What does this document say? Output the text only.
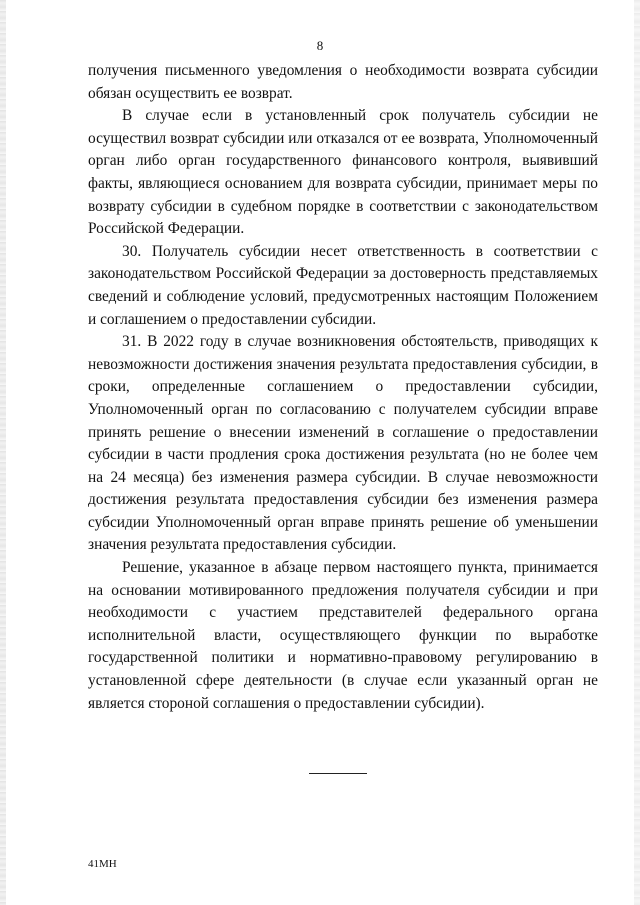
8

получения письменного уведомления о необходимости возврата субсидии обязан осуществить ее возврат.

В случае если в установленный срок получатель субсидии не осуществил возврат субсидии или отказался от ее возврата, Уполномоченный орган либо орган государственного финансового контроля, выявивший факты, являющиеся основанием для возврата субсидии, принимает меры по возврату субсидии в судебном порядке в соответствии с законодательством Российской Федерации.

30. Получатель субсидии несет ответственность в соответствии с законодательством Российской Федерации за достоверность представляемых сведений и соблюдение условий, предусмотренных настоящим Положением и соглашением о предоставлении субсидии.

31. В 2022 году в случае возникновения обстоятельств, приводящих к невозможности достижения значения результата предоставления субсидии, в сроки, определенные соглашением о предоставлении субсидии, Уполномоченный орган по согласованию с получателем субсидии вправе принять решение о внесении изменений в соглашение о предоставлении субсидии в части продления срока достижения результата (но не более чем на 24 месяца) без изменения размера субсидии. В случае невозможности достижения результата предоставления субсидии без изменения размера субсидии Уполномоченный орган вправе принять решение об уменьшении значения результата предоставления субсидии.

Решение, указанное в абзаце первом настоящего пункта, принимается на основании мотивированного предложения получателя субсидии и при необходимости с участием представителей федерального органа исполнительной власти, осуществляющего функции по выработке государственной политики и нормативно-правовому регулированию в установленной сфере деятельности (в случае если указанный орган не является стороной соглашения о предоставлении субсидии).

41МН
